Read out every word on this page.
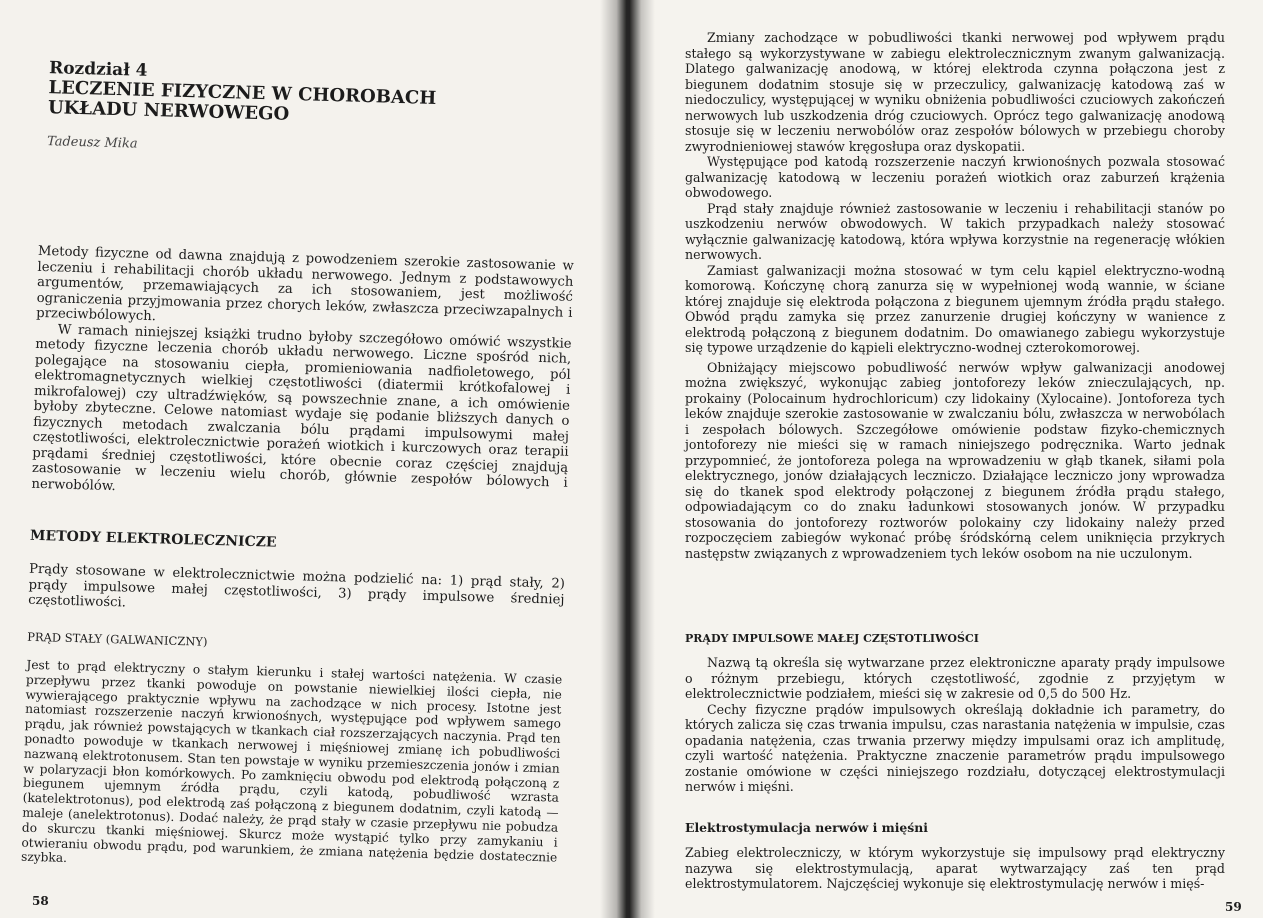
Rozdział 4
LECZENIE FIZYCZNE W CHOROBACH UKŁADU NERWOWEGO
Tadeusz Mika

Metody fizyczne od dawna znajdują z powodzeniem szerokie zastosowanie w leczeniu i rehabilitacji chorób układu nerwowego. Jednym z podstawowych argumentów, przemawiających za ich stosowaniem, jest możliwość ograniczenia przyjmowania przez chorych leków, zwłaszcza przeciwzapalnych i przeciwbólowych.

W ramach niniejszej książki trudno byłoby szczegółowo omówić wszystkie metody fizyczne leczenia chorób układu nerwowego. Liczne spośród nich, polegające na stosowaniu ciepła, promieniowania nadfioletowego, pól elektromagnetycznych wielkiej częstotliwości (diatermii krótkofalowej i mikrofalowej) czy ultradźwięków, są powszechnie znane, a ich omówienie byłoby zbyteczne. Celowe natomiast wydaje się podanie bliższych danych o fizycznych metodach zwalczania bólu prądami impulsowymi małej częstotliwości, elektrolecznictwie porażeń wiotkich i kurczowych oraz terapii prądami średniej częstotliwości, które obecnie coraz częściej znajdują zastosowanie w leczeniu wielu chorób, głównie zespołów bólowych i nerwobólów.

METODY ELEKTROLECZNICZE

Prądy stosowane w elektrolecznictwie można podzielić na: 1) prąd stały, 2) prądy impulsowe małej częstotliwości, 3) prądy impulsowe średniej częstotliwości.

PRĄD STAŁY (GALWANICZNY)

Jest to prąd elektryczny o stałym kierunku i stałej wartości natężenia. W czasie przepływu przez tkanki powoduje on powstanie niewielkiej ilości ciepła, nie wywierającego praktycznie wpływu na zachodzące w nich procesy. Istotne jest natomiast rozszerzenie naczyń krwionośnych, występujące pod wpływem samego prądu, jak również powstających w tkankach ciał rozszerzających naczynia. Prąd ten ponadto powoduje w tkankach nerwowej i mięśniowej zmianę ich pobudliwości nazwaną elektrotonusem. Stan ten powstaje w wyniku przemieszczenia jonów i zmian w polaryzacji błon komórkowych. Po zamknięciu obwodu pod elektrodą połączoną z biegunem ujemnym źródła prądu, czyli katodą, pobudliwość wzrasta (katelektrotonus), pod elektrodą zaś połączoną z biegunem dodatnim, czyli katodą — maleje (anelektrotonus). Dodać należy, że prąd stały w czasie przepływu nie pobudza do skurczu tkanki mięśniowej. Skurcz może wystąpić tylko przy zamykaniu i otwieraniu obwodu prądu, pod warunkiem, że zmiana natężenia będzie dostatecznie szybka.

58

Zmiany zachodzące w pobudliwości tkanki nerwowej pod wpływem prądu stałego są wykorzystywane w zabiegu elektrolecznicznym zwanym galwanizacją. Dlatego galwanizację anodową, w której elektroda czynna połączona jest z biegunem dodatnim stosuje się w przeczulicy, galwanizację katodową zaś w niedoczulicy, występującej w wyniku obniżenia pobudliwości czuciowych zakończeń nerwowych lub uszkodzenia dróg czuciowych. Oprócz tego galwanizację anodową stosuje się w leczeniu nerwobólów oraz zespołów bólowych w przebiegu choroby zwyrodnieniowej stawów kręgosłupa oraz dyskopatii.

Występujące pod katodą rozszerzenie naczyń krwionośnych pozwala stosować galwanizację katodową w leczeniu porażeń wiotkich oraz zaburzeń krążenia obwodowego.

Prąd stały znajduje również zastosowanie w leczeniu i rehabilitacji stanów po uszkodzeniu nerwów obwodowych. W takich przypadkach należy stosować wyłącznie galwanizację katodową, która wpływa korzystnie na regenerację włókien nerwowych.

Zamiast galwanizacji można stosować w tym celu kąpiel elektryczno-wodną komorową. Kończynę chorą zanurza się w wypełnionej wodą wannie, w ściane której znajduje się elektroda połączona z biegunem ujemnym źródła prądu stałego. Obwód prądu zamyka się przez zanurzenie drugiej kończyny w wanience z elektrodą połączoną z biegunem dodatnim. Do omawianego zabiegu wykorzystuje się typowe urządzenie do kąpieli elektryczno-wodnej czterokomorowej.

Obniżający miejscowo pobudliwość nerwów wpływ galwanizacji anodowej można zwiększyć, wykonując zabieg jontoforezy leków znieczulających, np. prokainy (Polocainum hydrochloricum) czy lidokainy (Xylocaine). Jontoforeza tych leków znajduje szerokie zastosowanie w zwalczaniu bólu, zwłaszcza w nerwobólach i zespołach bólowych. Szczegółowe omówienie podstaw fizyko-chemicznych jontoforezy nie mieści się w ramach niniejszego podręcznika. Warto jednak przypomnieć, że jontoforeza polega na wprowadzeniu w głąb tkanek, siłami pola elektrycznego, jonów działających leczniczo. Działające leczniczo jony wprowadza się do tkanek spod elektrody połączonej z biegunem źródła prądu stałego, odpowiadającym co do znaku ładunkowi stosowanych jonów. W przypadku stosowania do jontoforezy roztworów polokainy czy lidokainy należy przed rozpoczęciem zabiegów wykonać próbę śródskórną celem uniknięcia przykrych następstw związanych z wprowadzeniem tych leków osobom na nie uczulonym.

PRĄDY IMPULSOWE MAŁEJ CZĘSTOTLIWOŚCI

Nazwą tą określa się wytwarzane przez elektroniczne aparaty prądy impulsowe o różnym przebiegu, których częstotliwość, zgodnie z przyjętym w elektrolecznictwie podziałem, mieści się w zakresie od 0,5 do 500 Hz.

Cechy fizyczne prądów impulsowych określają dokładnie ich parametry, do których zalicza się czas trwania impulsu, czas narastania natężenia w impulsie, czas opadania natężenia, czas trwania przerwy między impulsami oraz ich amplitudę, czyli wartość natężenia. Praktyczne znaczenie parametrów prądu impulsowego zostanie omówione w części niniejszego rozdziału, dotyczącej elektrostymulacji nerwów i mięśni.

Elektrostymulacja nerwów i mięśni

Zabieg elektroleczniczy, w którym wykorzystuje się impulsowy prąd elektryczny nazywa się elektrostymulacją, aparat wytwarzający zaś ten prąd elektrostymulatorem. Najczęściej wykonuje się elektrostymulację nerwów i mięś-

59
